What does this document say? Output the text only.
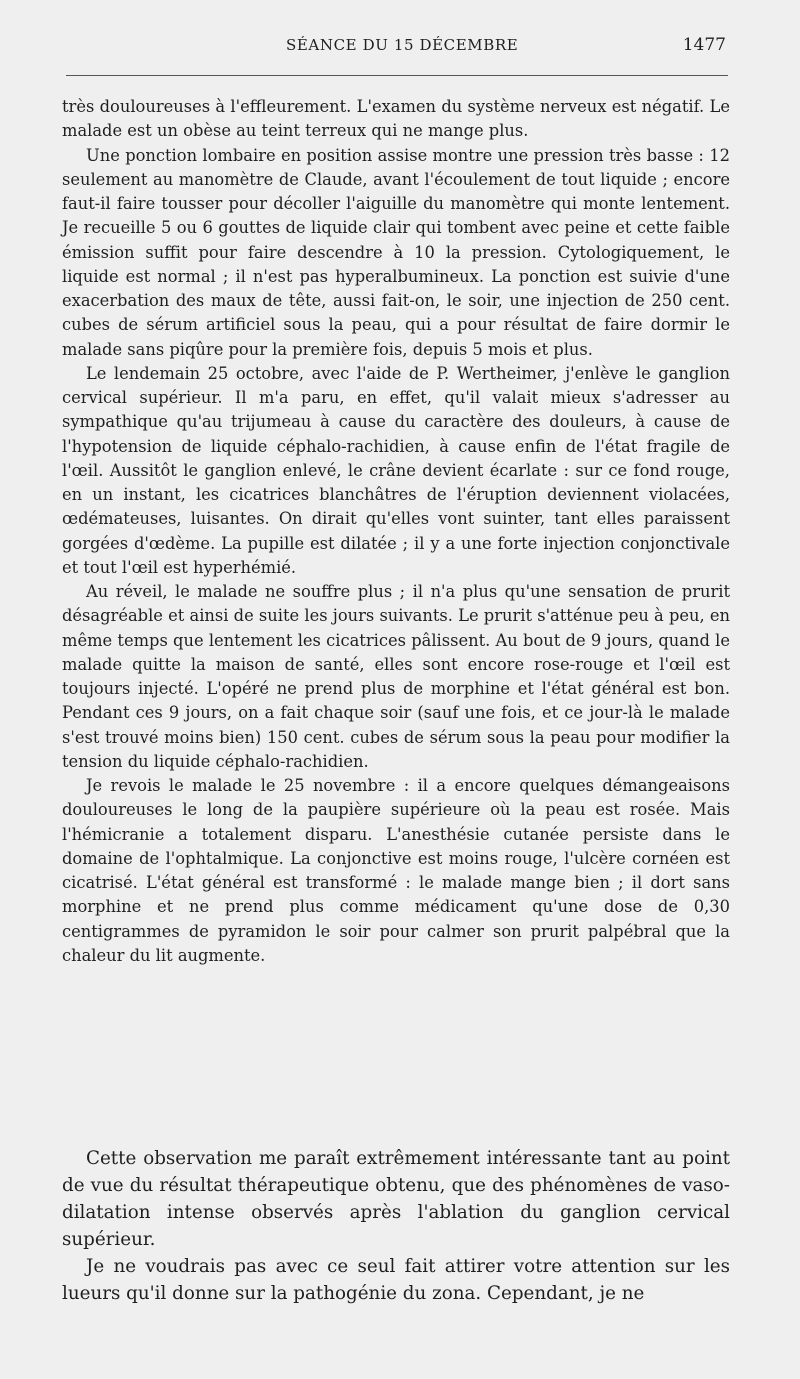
SÉANCE DU 15 DÉCEMBRE	1477

très douloureuses à l'effleurement. L'examen du système nerveux est négatif. Le malade est un obèse au teint terreux qui ne mange plus.

Une ponction lombaire en position assise montre une pression très basse : 12 seulement au manomètre de Claude, avant l'écoulement de tout liquide ; encore faut-il faire tousser pour décoller l'aiguille du manomètre qui monte lentement. Je recueille 5 ou 6 gouttes de liquide clair qui tombent avec peine et cette faible émission suffit pour faire descendre à 10 la pression. Cytologiquement, le liquide est normal ; il n'est pas hyperalbumineux. La ponction est suivie d'une exacerbation des maux de tête, aussi fait-on, le soir, une injection de 250 cent. cubes de sérum artificiel sous la peau, qui a pour résultat de faire dormir le malade sans piqûre pour la première fois, depuis 5 mois et plus.

Le lendemain 25 octobre, avec l'aide de P. Wertheimer, j'enlève le ganglion cervical supérieur. Il m'a paru, en effet, qu'il valait mieux s'adresser au sympathique qu'au trijumeau à cause du caractère des douleurs, à cause de l'hypotension de liquide céphalo-rachidien, à cause enfin de l'état fragile de l'œil. Aussitôt le ganglion enlevé, le crâne devient écarlate : sur ce fond rouge, en un instant, les cicatrices blanchâtres de l'éruption deviennent violacées, œdémateuses, luisantes. On dirait qu'elles vont suinter, tant elles paraissent gorgées d'œdème. La pupille est dilatée ; il y a une forte injection conjonctivale et tout l'œil est hyperhémié.

Au réveil, le malade ne souffre plus ; il n'a plus qu'une sensation de prurit désagréable et ainsi de suite les jours suivants. Le prurit s'atténue peu à peu, en même temps que lentement les cicatrices pâlissent. Au bout de 9 jours, quand le malade quitte la maison de santé, elles sont encore rose-rouge et l'œil est toujours injecté. L'opéré ne prend plus de morphine et l'état général est bon. Pendant ces 9 jours, on a fait chaque soir (sauf une fois, et ce jour-là le malade s'est trouvé moins bien) 150 cent. cubes de sérum sous la peau pour modifier la tension du liquide céphalo-rachidien.

Je revois le malade le 25 novembre : il a encore quelques démangeaisons douloureuses le long de la paupière supérieure où la peau est rosée. Mais l'hémicranie a totalement disparu. L'anesthésie cutanée persiste dans le domaine de l'ophtalmique. La conjonctive est moins rouge, l'ulcère cornéen est cicatrisé. L'état général est transformé : le malade mange bien ; il dort sans morphine et ne prend plus comme médicament qu'une dose de 0,30 centigrammes de pyramidon le soir pour calmer son prurit palpébral que la chaleur du lit augmente.

Cette observation me paraît extrêmement intéressante tant au point de vue du résultat thérapeutique obtenu, que des phénomènes de vaso-dilatation intense observés après l'ablation du ganglion cervical supérieur.

Je ne voudrais pas avec ce seul fait attirer votre attention sur les lueurs qu'il donne sur la pathogénie du zona. Cependant, je ne
